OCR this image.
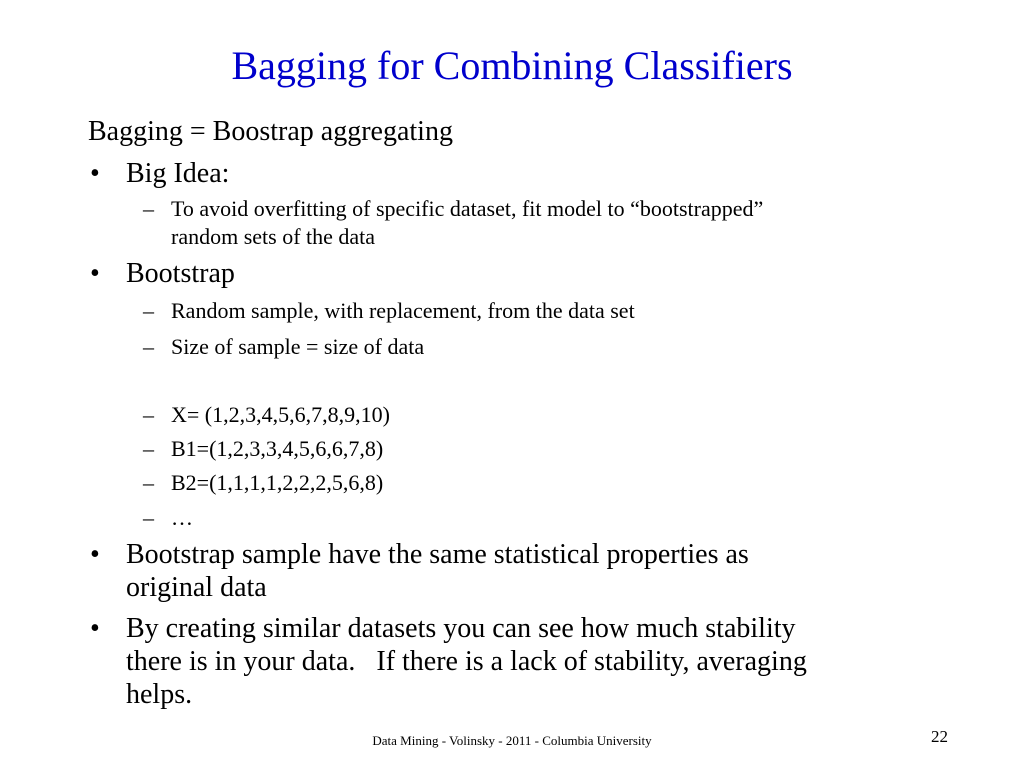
Bagging for Combining Classifiers
Bagging = Boostrap aggregating
• Big Idea:
– To avoid overfitting of specific dataset, fit model to “bootstrapped”
random sets of the data
• Bootstrap
– Random sample, with replacement, from the data set
– Size of sample = size of data
– X= (1,2,3,4,5,6,7,8,9,10)
– B1=(1,2,3,3,4,5,6,6,7,8)
– B2=(1,1,1,1,2,2,2,5,6,8)
– …
• Bootstrap sample have the same statistical properties as
original data
• By creating similar datasets you can see how much stability
there is in your data.   If there is a lack of stability, averaging
helps.
Data Mining - Volinsky - 2011 - Columbia University	22
